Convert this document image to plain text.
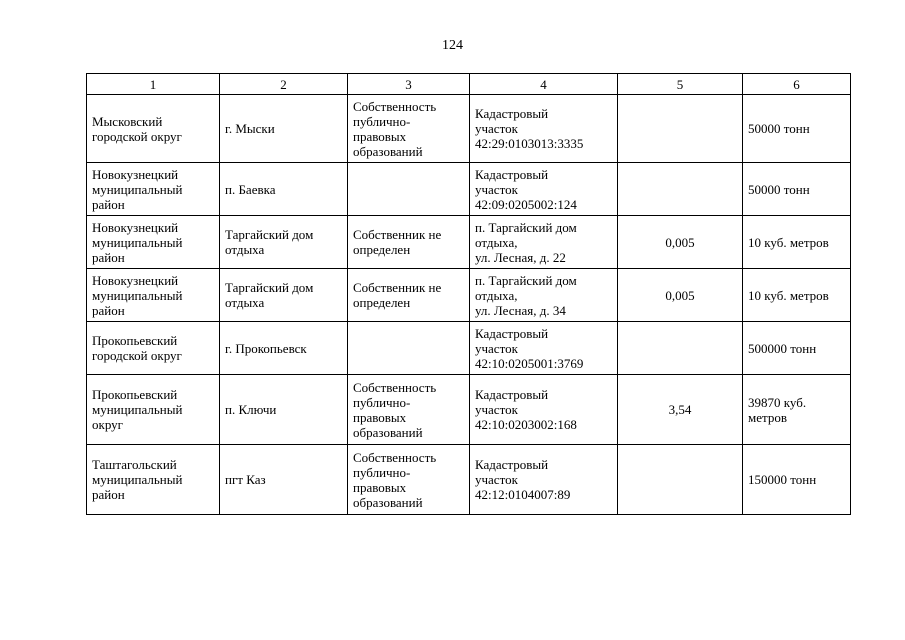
124
1	2	3	4	5	6
Мысковский
городской округ	г. Мыски	Собственность
публично-
правовых
образований	Кадастровый
участок
42:29:0103013:3335		50000 тонн
Новокузнецкий
муниципальный
район	п. Баевка		Кадастровый
участок
42:09:0205002:124		50000 тонн
Новокузнецкий
муниципальный
район	Таргайский дом
отдыха	Собственник не
определен	п. Таргайский дом
отдыха,
ул. Лесная, д. 22	0,005	10 куб. метров
Новокузнецкий
муниципальный
район	Таргайский дом
отдыха	Собственник не
определен	п. Таргайский дом
отдыха,
ул. Лесная, д. 34	0,005	10 куб. метров
Прокопьевский
городской округ	г. Прокопьевск		Кадастровый
участок
42:10:0205001:3769		500000 тонн
Прокопьевский
муниципальный
округ	п. Ключи	Собственность
публично-
правовых
образований	Кадастровый
участок
42:10:0203002:168	3,54	39870 куб.
метров
Таштагольский
муниципальный
район	пгт Каз	Собственность
публично-
правовых
образований	Кадастровый
участок
42:12:0104007:89		150000 тонн
